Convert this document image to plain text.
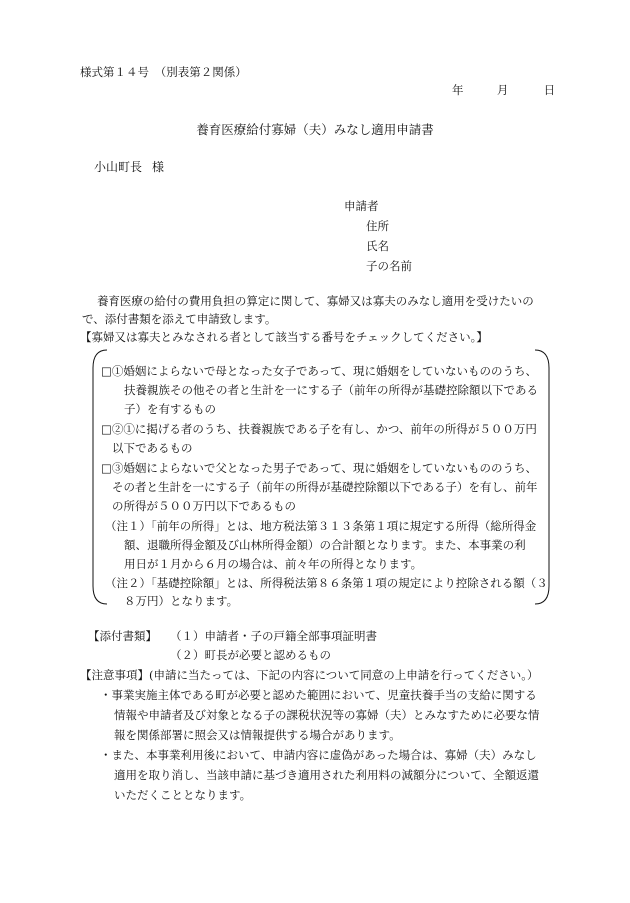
様式第１４号　（別表第２関係）
年	月	日
養育医療給付寡婦（夫）みなし適用申請書
小山町長 様
申請者
住所
氏名
子の名前
養育医療の給付の費用負担の算定に関して、寡婦又は寡夫のみなし適用を受けたいので、添付書類を添えて申請致します。
【寡婦又は寡夫とみなされる者として該当する番号をチェックしてください。】
□①婚姻によらないで母となった女子であって、現に婚姻をしていないもののうち、
扶養親族その他その者と生計を一にする子（前年の所得が基礎控除額以下である
子）を有するもの
□②①に掲げる者のうち、扶養親族である子を有し、かつ、前年の所得が５００万円
以下であるもの
□③婚姻によらないで父となった男子であって、現に婚姻をしていないもののうち、
その者と生計を一にする子（前年の所得が基礎控除額以下である子）を有し、前年
の所得が５００万円以下であるもの
（注１）「前年の所得」とは、地方税法第３１３条第１項に規定する所得（総所得金
額、退職所得金額及び山林所得金額）の合計額となります。また、本事業の利
用日が１月から６月の場合は、前々年の所得となります。
（注２）「基礎控除額」とは、所得税法第８６条第１項の規定により控除される額（３
８万円）となります。
【添付書類】 （１）申請者・子の戸籍全部事項証明書
（２）町長が必要と認めるもの
【注意事項】(申請に当たっては、下記の内容について同意の上申請を行ってください。）
・事業実施主体である町が必要と認めた範囲において、児童扶養手当の支給に関する
情報や申請者及び対象となる子の課税状況等の寡婦（夫）とみなすために必要な情
報を関係部署に照会又は情報提供する場合があります。
・また、本事業利用後において、申請内容に虚偽があった場合は、寡婦（夫）みなし
適用を取り消し、当該申請に基づき適用された利用料の減額分について、全額返還
いただくこととなります。
